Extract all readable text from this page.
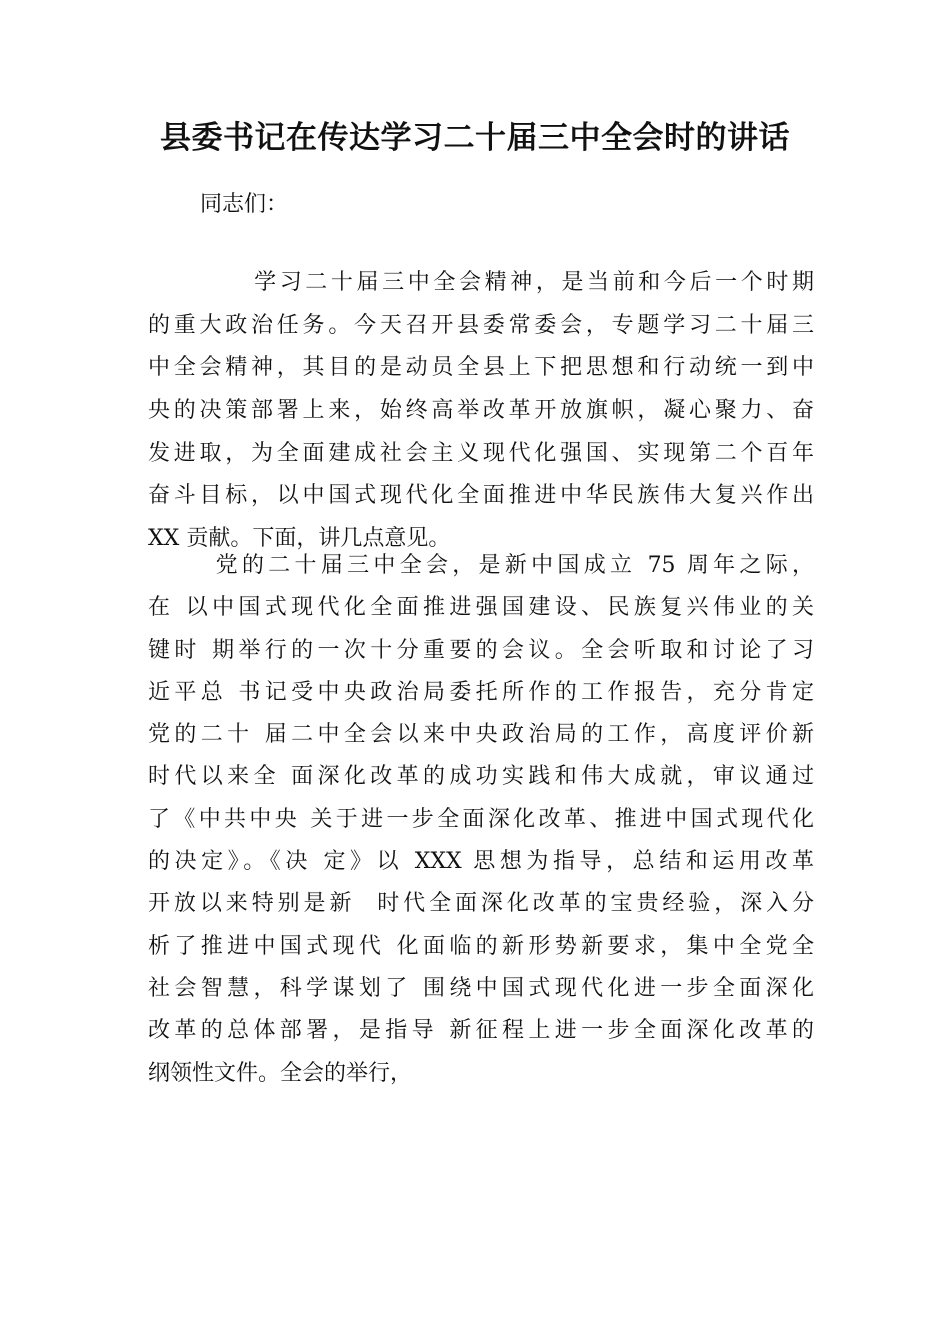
县委书记在传达学习二十届三中全会时的讲话
同志们：
学习二十届三中全会精神，是当前和今后一个时期
的重大政治任务。今天召开县委常委会，专题学习二十届三
中全会精神，其目的是动员全县上下把思想和行动统一到中
央的决策部署上来，始终高举改革开放旗帜，凝心聚力、奋
发进取，为全面建成社会主义现代化强国、实现第二个百年
奋斗目标，以中国式现代化全面推进中华民族伟大复兴作出
XX 贡献。下面，讲几点意见。
党的二十届三中全会，是新中国成立 75 周年之际，
在 以中国式现代化全面推进强国建设、民族复兴伟业的关
键时 期举行的一次十分重要的会议。全会听取和讨论了习
近平总 书记受中央政治局委托所作的工作报告，充分肯定
党的二十 届二中全会以来中央政治局的工作，高度评价新
时代以来全 面深化改革的成功实践和伟大成就，审议通过
了《中共中央 关于进一步全面深化改革、推进中国式现代化
的决定》。《决 定》以 XXX 思想为指导，总结和运用改革
开放以来特别是新  时代全面深化改革的宝贵经验，深入分
析了推进中国式现代 化面临的新形势新要求，集中全党全
社会智慧，科学谋划了 围绕中国式现代化进一步全面深化
改革的总体部署，是指导 新征程上进一步全面深化改革的
纲领性文件。全会的举行，
